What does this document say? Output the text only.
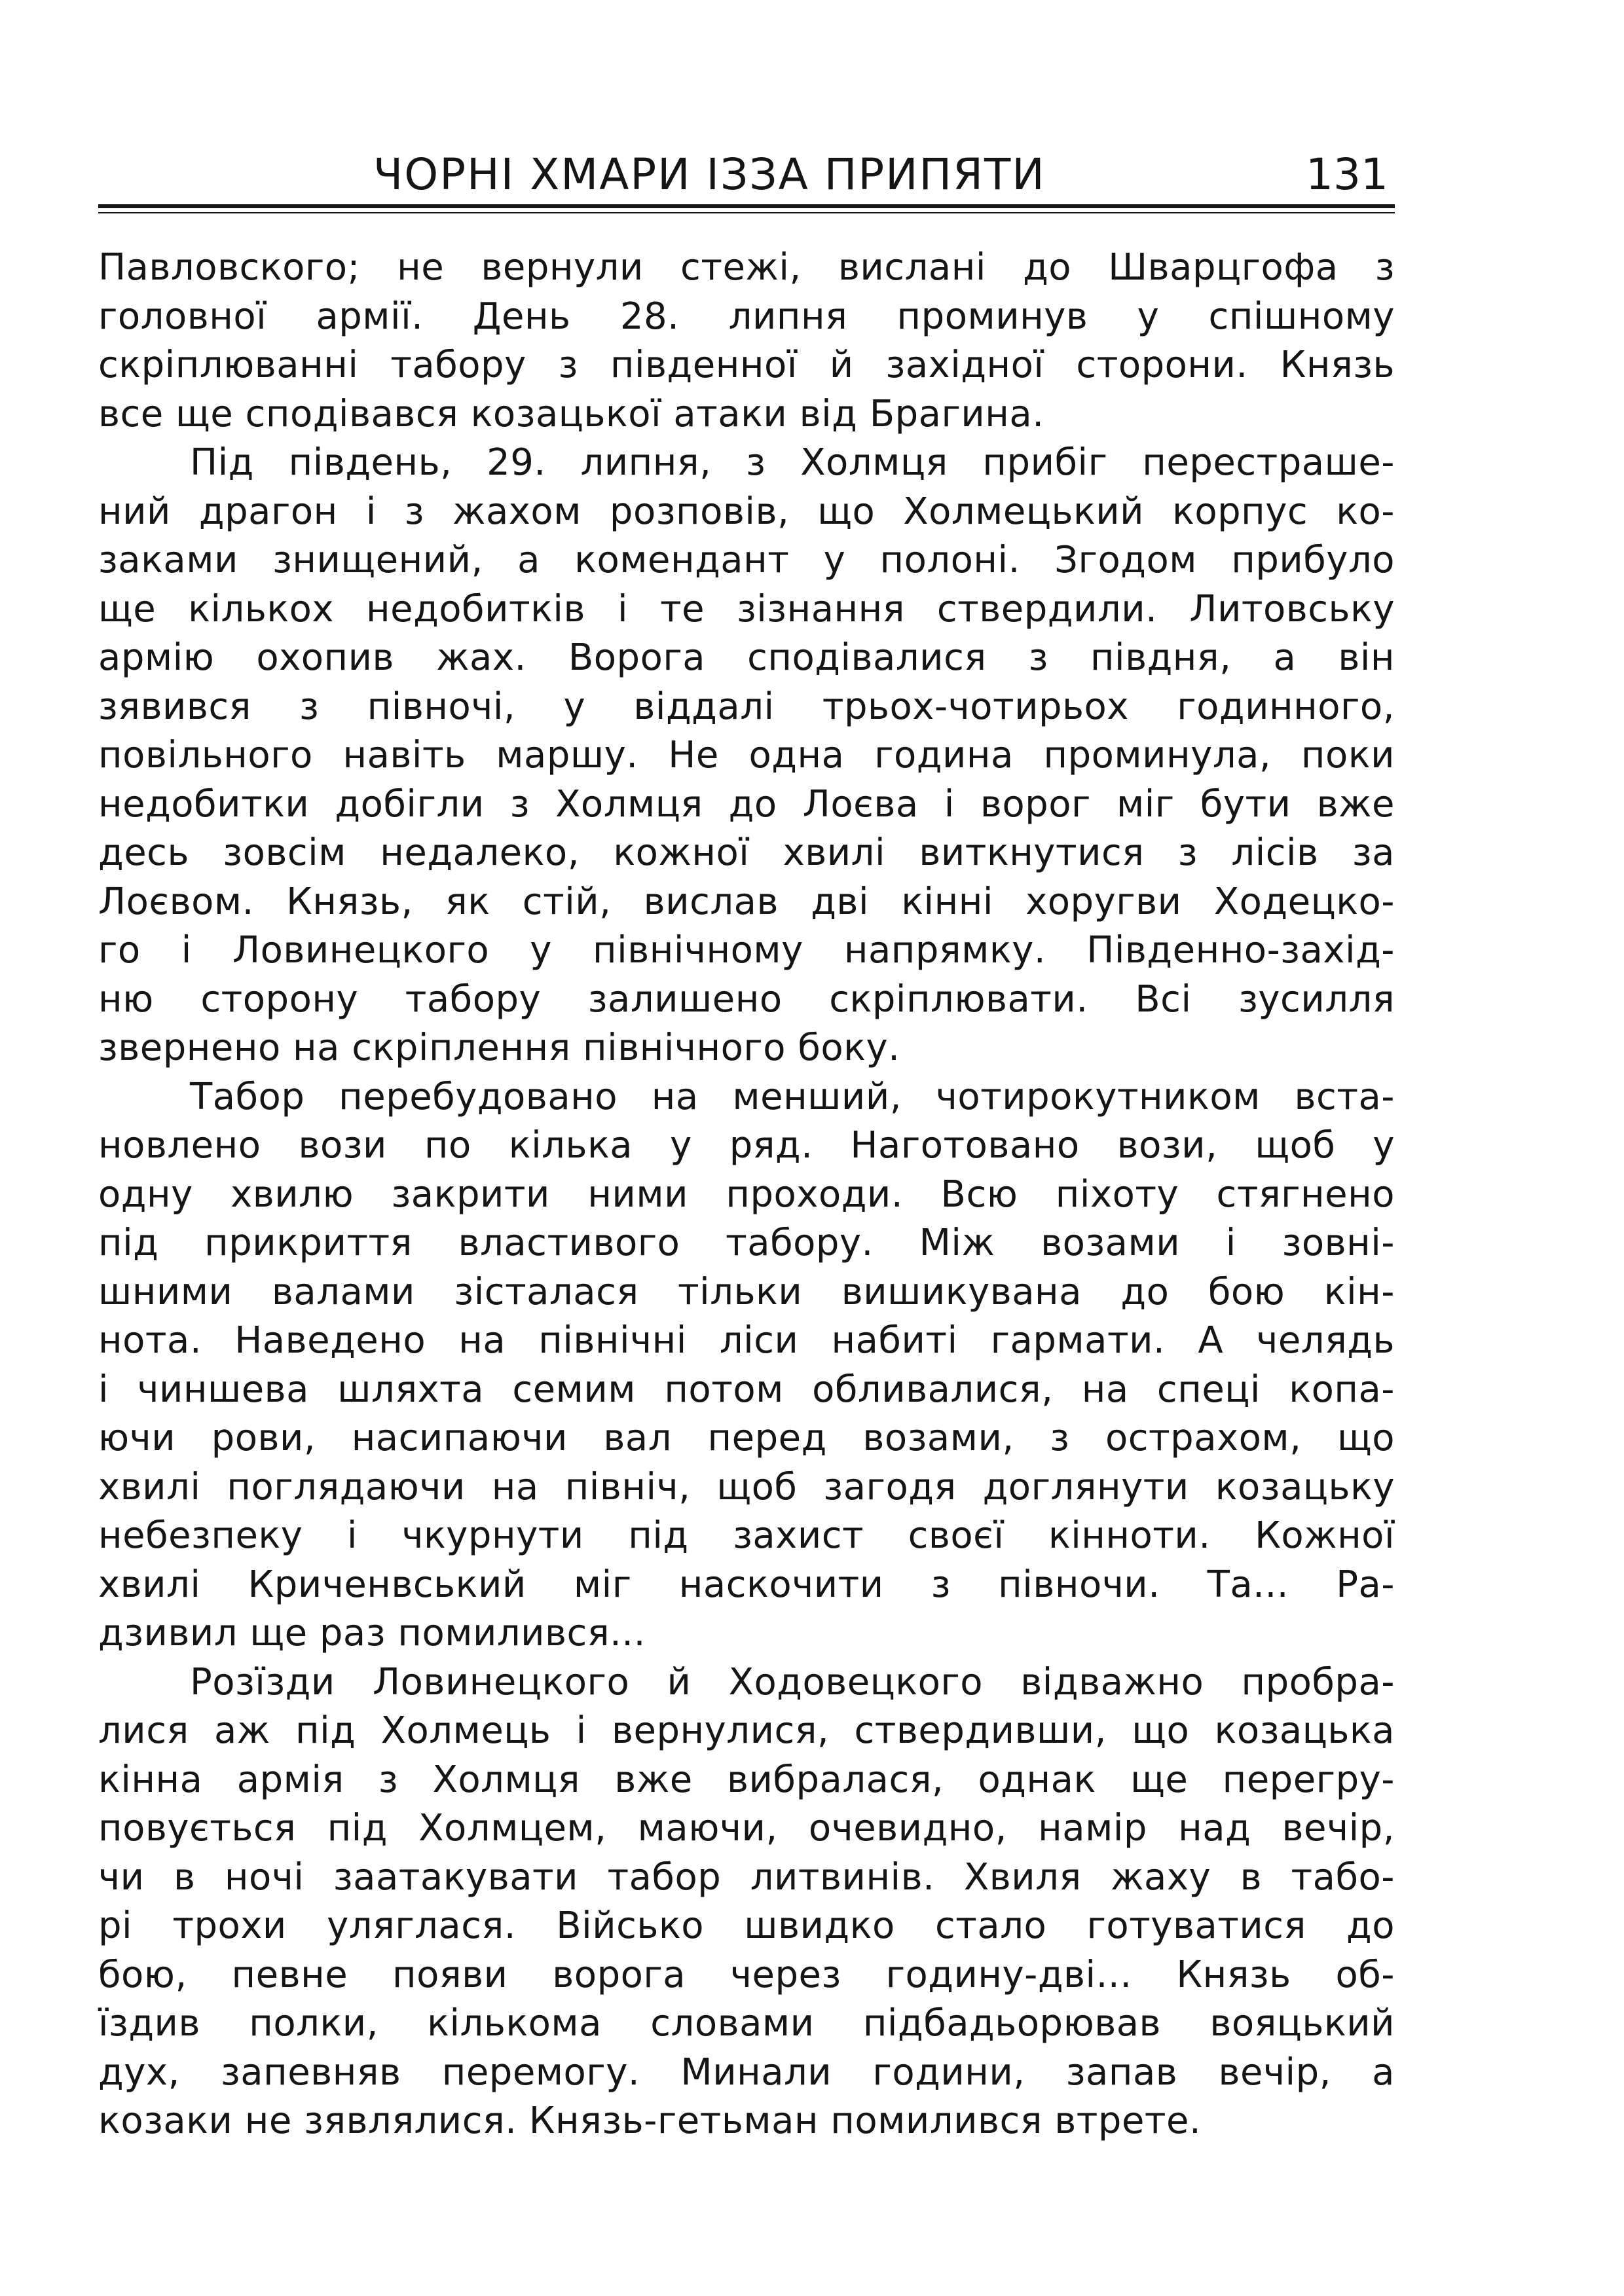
ЧОРНІ ХМАРИ ІЗЗА ПРИПЯТИ	131
Павловского; не вернули стежі, вислані до Шварцгофа з
головної армії. День 28. липня проминув у спішному
скріплюванні табору з південної й західної сторони. Князь
все ще сподівався козацької атаки від Брагина.
Під південь, 29. липня, з Холмця прибіг перестраше-
ний драгон і з жахом розповів, що Холмецький корпус ко-
заками знищений, а комендант у полоні. Згодом прибуло
ще кількох недобитків і те зізнання ствердили. Литовську
армію охопив жах. Ворога сподівалися з півдня, а він
зявився з півночі, у віддалі трьох-чотирьох годинного,
повільного навіть маршу. Не одна година проминула, поки
недобитки добігли з Холмця до Лоєва і ворог міг бути вже
десь зовсім недалеко, кожної хвилі виткнутися з лісів за
Лоєвом. Князь, як стій, вислав дві кінні хоругви Ходецко-
го і Ловинецкого у північному напрямку. Південно-захід-
ню сторону табору залишено скріплювати. Всі зусилля
звернено на скріплення північного боку.
Табор перебудовано на менший, чотирокутником вста-
новлено вози по кілька у ряд. Наготовано вози, щоб у
одну хвилю закрити ними проходи. Всю піхоту стягнено
під прикриття властивого табору. Між возами і зовні-
шними валами зісталася тільки вишикувана до бою кін-
нота. Наведено на північні ліси набиті гармати. А челядь
і чиншева шляхта семим потом обливалися, на спеці копа-
ючи рови, насипаючи вал перед возами, з острахом, що
хвилі поглядаючи на північ, щоб загодя доглянути козацьку
небезпеку і чкурнути під захист своєї кінноти. Кожної
хвилі Криченвський міг наскочити з півночи. Та... Ра-
дзивил ще раз помилився...
Розїзди Ловинецкого й Ходовецкого відважно пробра-
лися аж під Холмець і вернулися, ствердивши, що козацька
кінна армія з Холмця вже вибралася, однак ще перегру-
повується під Холмцем, маючи, очевидно, намір над вечір,
чи в ночі заатакувати табор литвинів. Хвиля жаху в табо-
рі трохи уляглася. Військо швидко стало готуватися до
бою, певне появи ворога через годину-дві... Князь об-
їздив полки, кількома словами підбадьорював вояцький
дух, запевняв перемогу. Минали години, запав вечір, а
козаки не зявлялися. Князь-гетьман помилився втрете.
